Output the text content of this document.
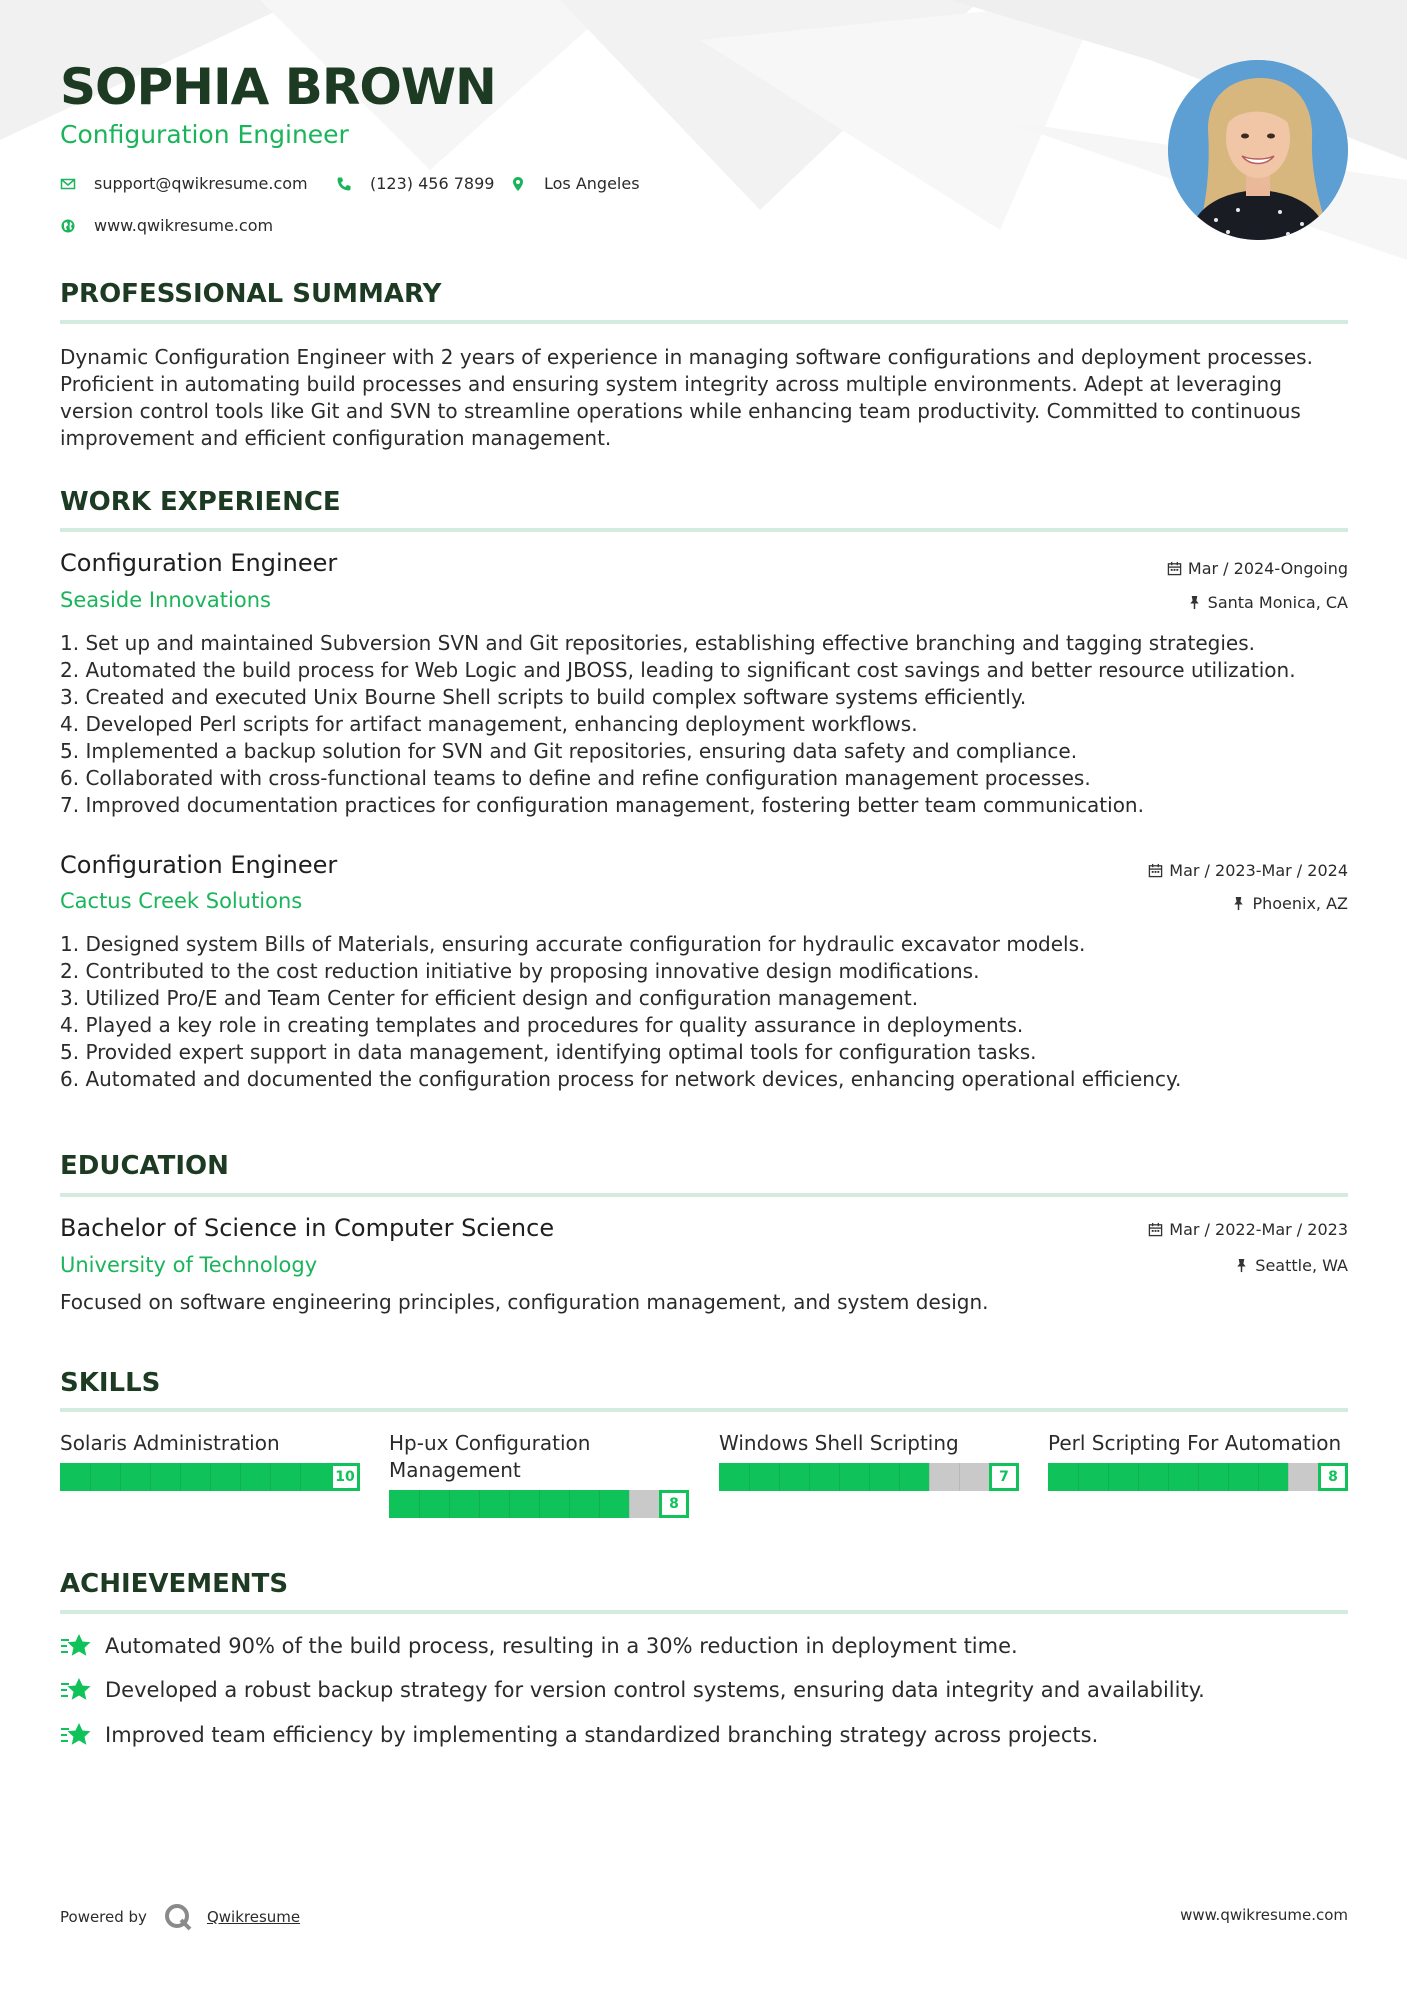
SOPHIA BROWN
Configuration Engineer
support@qwikresume.com	(123) 456 7899	Los Angeles
www.qwikresume.com
PROFESSIONAL SUMMARY
Dynamic Configuration Engineer with 2 years of experience in managing software configurations and deployment processes. Proficient in automating build processes and ensuring system integrity across multiple environments. Adept at leveraging version control tools like Git and SVN to streamline operations while enhancing team productivity. Committed to continuous improvement and efficient configuration management.
WORK EXPERIENCE
Configuration Engineer	Mar / 2024-Ongoing
Seaside Innovations	Santa Monica, CA
1. Set up and maintained Subversion SVN and Git repositories, establishing effective branching and tagging strategies.
2. Automated the build process for Web Logic and JBOSS, leading to significant cost savings and better resource utilization.
3. Created and executed Unix Bourne Shell scripts to build complex software systems efficiently.
4. Developed Perl scripts for artifact management, enhancing deployment workflows.
5. Implemented a backup solution for SVN and Git repositories, ensuring data safety and compliance.
6. Collaborated with cross-functional teams to define and refine configuration management processes.
7. Improved documentation practices for configuration management, fostering better team communication.
Configuration Engineer	Mar / 2023-Mar / 2024
Cactus Creek Solutions	Phoenix, AZ
1. Designed system Bills of Materials, ensuring accurate configuration for hydraulic excavator models.
2. Contributed to the cost reduction initiative by proposing innovative design modifications.
3. Utilized Pro/E and Team Center for efficient design and configuration management.
4. Played a key role in creating templates and procedures for quality assurance in deployments.
5. Provided expert support in data management, identifying optimal tools for configuration tasks.
6. Automated and documented the configuration process for network devices, enhancing operational efficiency.
EDUCATION
Bachelor of Science in Computer Science	Mar / 2022-Mar / 2023
University of Technology	Seattle, WA
Focused on software engineering principles, configuration management, and system design.
SKILLS
Solaris Administration
10
Hp-ux Configuration Management
8
Windows Shell Scripting
7
Perl Scripting For Automation
8
ACHIEVEMENTS
Automated 90% of the build process, resulting in a 30% reduction in deployment time.
Developed a robust backup strategy for version control systems, ensuring data integrity and availability.
Improved team efficiency by implementing a standardized branching strategy across projects.
Powered by	Qwikresume	www.qwikresume.com
